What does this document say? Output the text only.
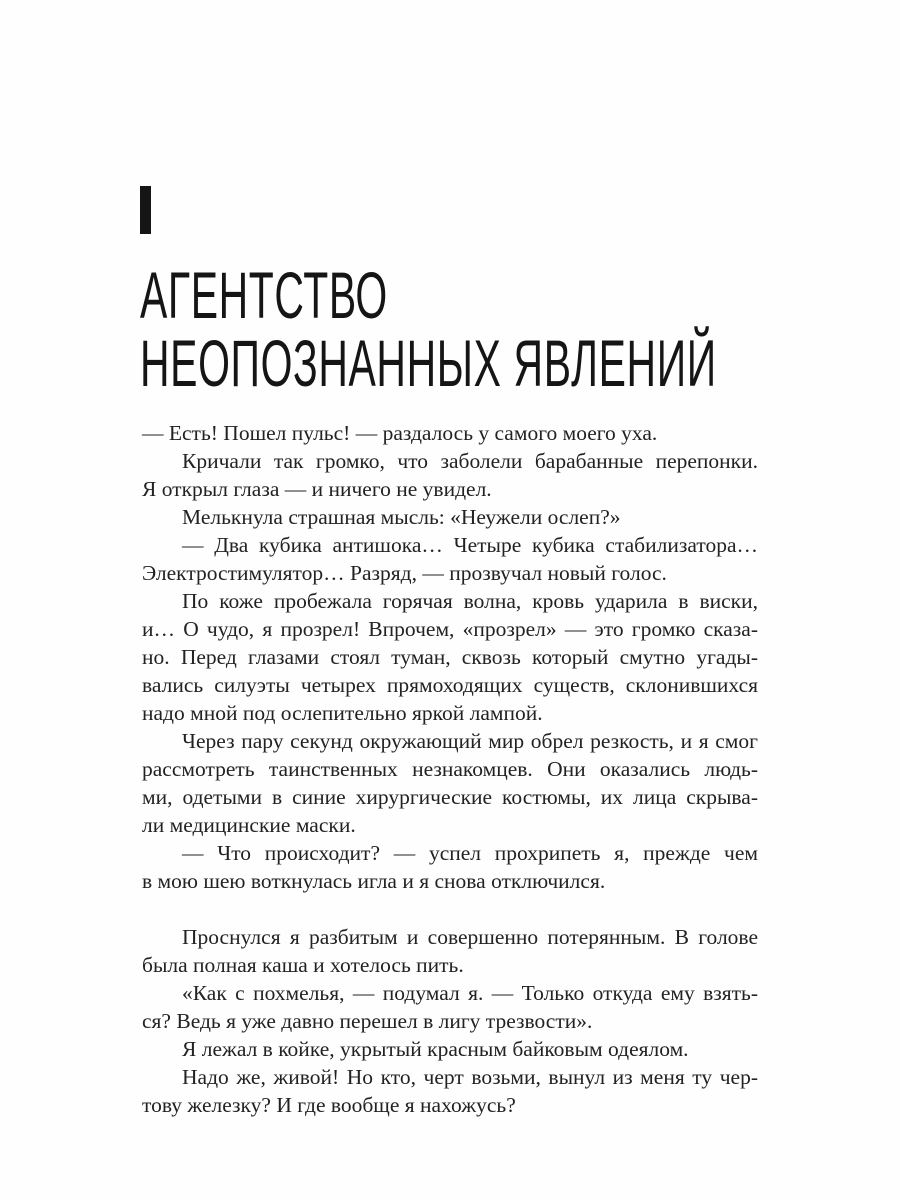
АГЕНТСТВО
НЕОПОЗНАННЫХ ЯВЛЕНИЙ
— Есть! Пошел пульс! — раздалось у самого моего уха.
Кричали так громко, что заболели барабанные перепонки.
Я открыл глаза — и ничего не увидел.
Мелькнула страшная мысль: «Неужели ослеп?»
— Два кубика антишока… Четыре кубика стабилизатора…
Электростимулятор… Разряд, — прозвучал новый голос.
По коже пробежала горячая волна, кровь ударила в виски,
и… О чудо, я прозрел! Впрочем, «прозрел» — это громко сказа-
но. Перед глазами стоял туман, сквозь который смутно угады-
вались силуэты четырех прямоходящих существ, склонившихся
надо мной под ослепительно яркой лампой.
Через пару секунд окружающий мир обрел резкость, и я смог
рассмотреть таинственных незнакомцев. Они оказались людь-
ми, одетыми в синие хирургические костюмы, их лица скрыва-
ли медицинские маски.
— Что происходит? — успел прохрипеть я, прежде чем
в мою шею воткнулась игла и я снова отключился.
Проснулся я разбитым и совершенно потерянным. В голове
была полная каша и хотелось пить.
«Как с похмелья, — подумал я. — Только откуда ему взять-
ся? Ведь я уже давно перешел в лигу трезвости».
Я лежал в койке, укрытый красным байковым одеялом.
Надо же, живой! Но кто, черт возьми, вынул из меня ту чер-
тову железку? И где вообще я нахожусь?
